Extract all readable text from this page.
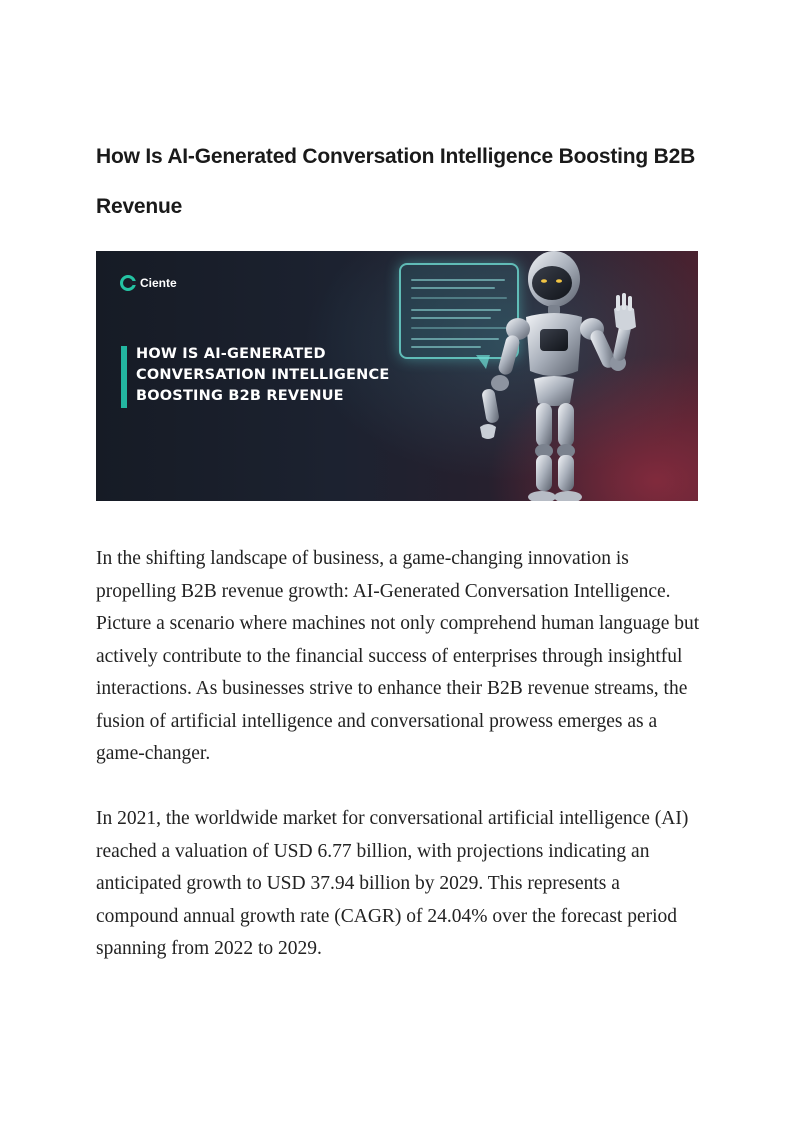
How Is AI-Generated Conversation Intelligence Boosting B2B
Revenue
Ciente

HOW IS AI-GENERATED
CONVERSATION INTELLIGENCE
BOOSTING B2B REVENUE

In the shifting landscape of business, a game-changing innovation is propelling B2B revenue growth: AI-Generated Conversation Intelligence. Picture a scenario where machines not only comprehend human language but actively contribute to the financial success of enterprises through insightful interactions. As businesses strive to enhance their B2B revenue streams, the fusion of artificial intelligence and conversational prowess emerges as a game-changer.

In 2021, the worldwide market for conversational artificial intelligence (AI) reached a valuation of USD 6.77 billion, with projections indicating an anticipated growth to USD 37.94 billion by 2029. This represents a compound annual growth rate (CAGR) of 24.04% over the forecast period spanning from 2022 to 2029.
